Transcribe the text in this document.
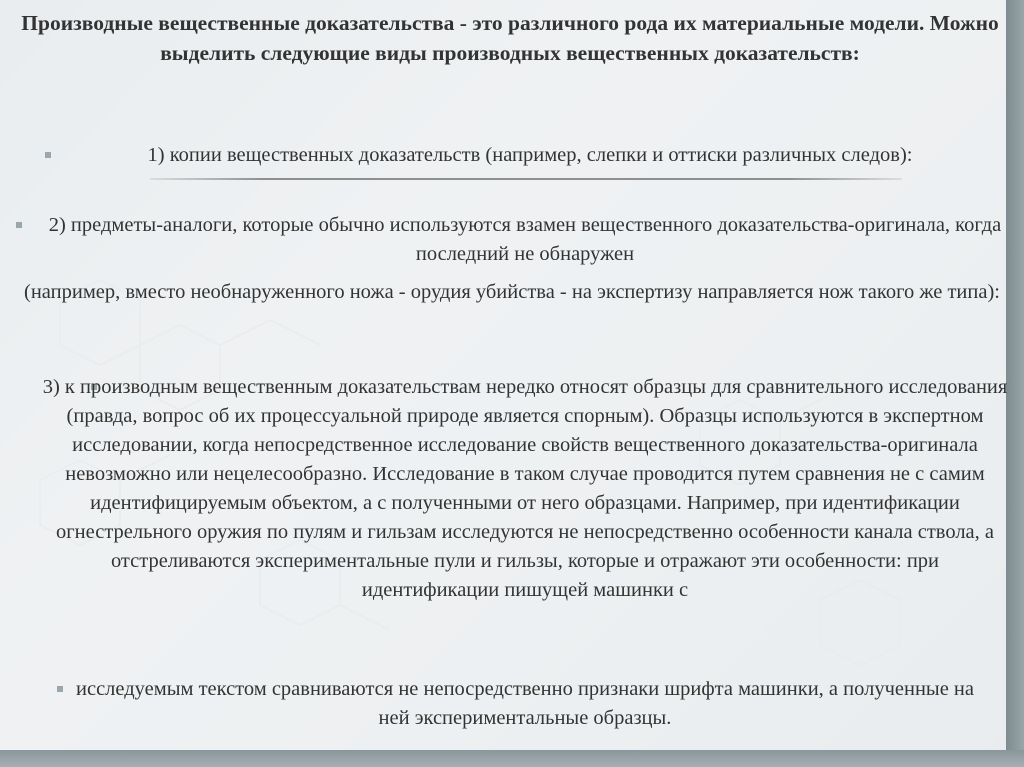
Производные вещественные доказательства - это различного рода их материальные модели. Можно выделить следующие виды производных вещественных доказательств:

1) копии вещественных доказательств (например, слепки и оттиски различных следов):

2) предметы-аналоги, которые обычно используются взамен вещественного доказательства-оригинала, когда последний не обнаружен

(например, вместо необнаруженного ножа - орудия убийства - на экспертизу направляется нож такого же типа):

3) к производным вещественным доказательствам нередко относят образцы для сравнительного исследования (правда, вопрос об их процессуальной природе является спорным). Образцы используются в экспертном исследовании, когда непосредственное исследование свойств вещественного доказательства-оригинала невозможно или нецелесообразно. Исследование в таком случае проводится путем сравнения не с самим идентифицируемым объектом, а с полученными от него образцами. Например, при идентификации огнестрельного оружия по пулям и гильзам исследуются не непосредственно особенности канала ствола, а отстреливаются экспериментальные пули и гильзы, которые и отражают эти особенности: при идентификации пишущей машинки с

исследуемым текстом сравниваются не непосредственно признаки шрифта машинки, а полученные на ней экспериментальные образцы.
